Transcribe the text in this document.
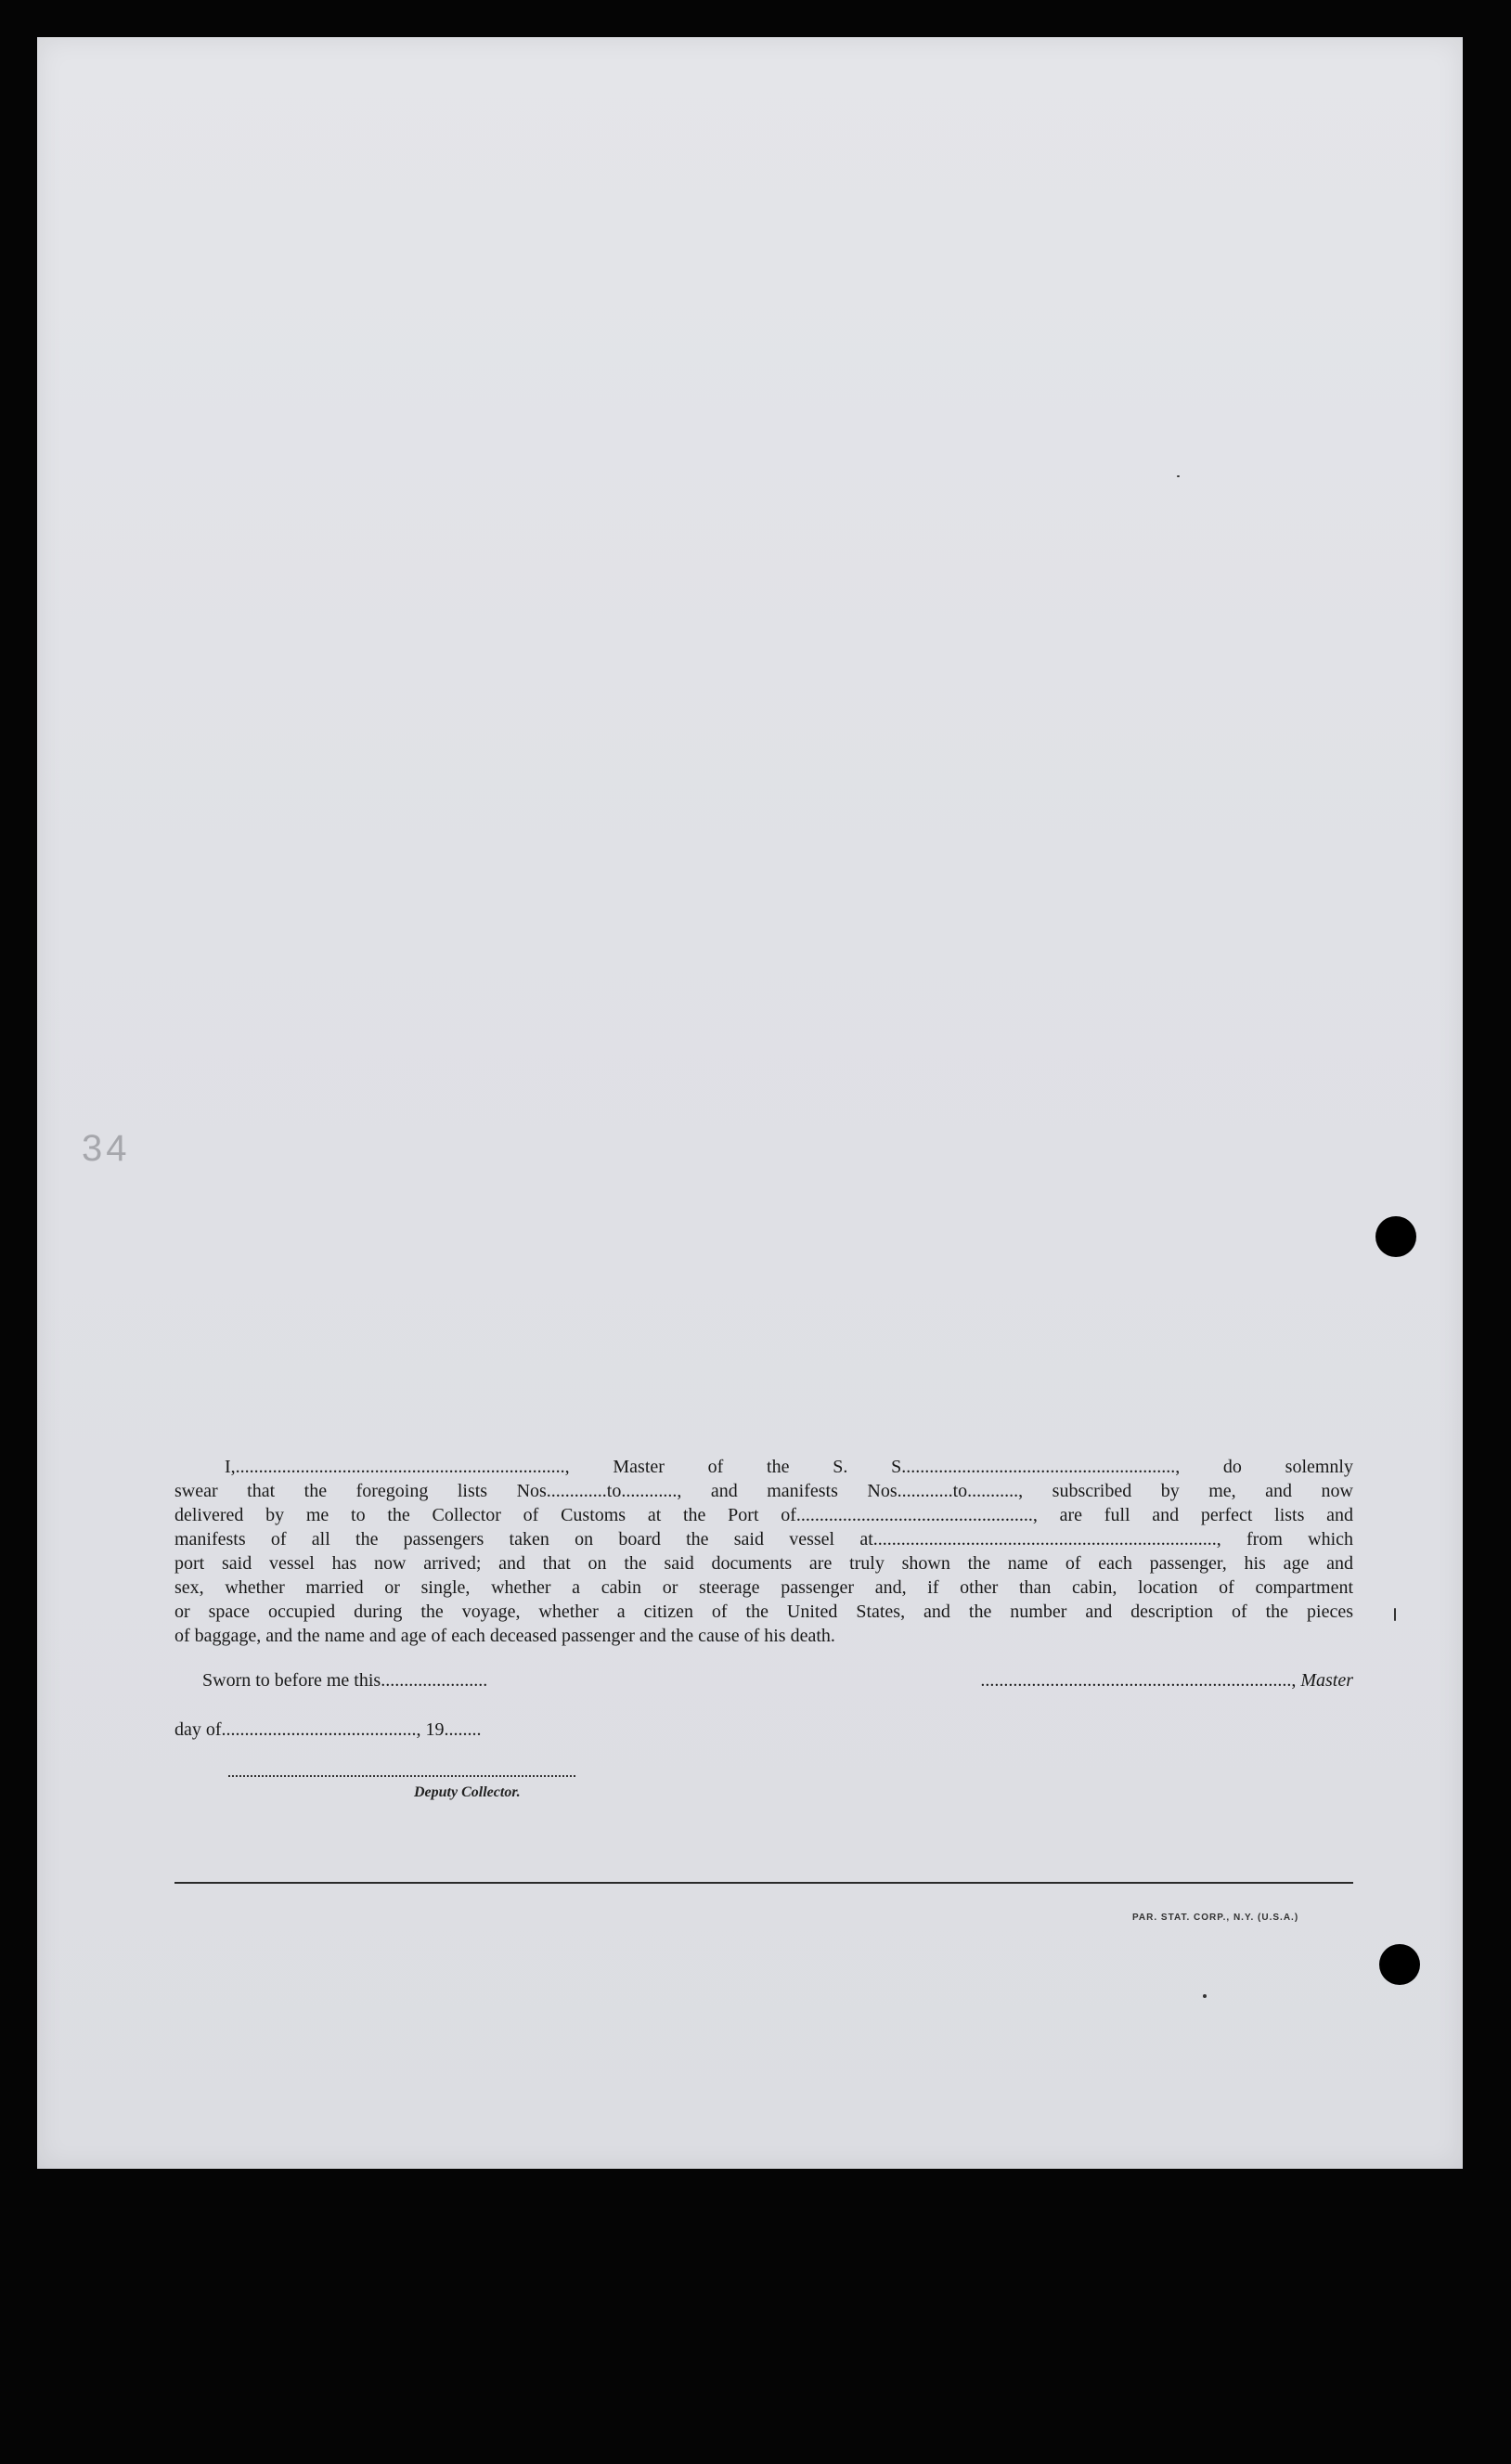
34
I,......................................................................., Master of the S. S..........................................................., do solemnly
swear that the foregoing lists Nos.............to............, and manifests Nos............to..........., subscribed by me, and now
delivered by me to the Collector of Customs at the Port of..................................................., are full and perfect lists and
manifests of all the passengers taken on board the said vessel at.........................................................................., from which
port said vessel has now arrived; and that on the said documents are truly shown the name of each passenger, his age and
sex, whether married or single, whether a cabin or steerage passenger and, if other than cabin, location of compartment
or space occupied during the voyage, whether a citizen of the United States, and the number and description of the pieces
of baggage, and the name and age of each deceased passenger and the cause of his death.
Sworn to before me this.......................	..................................................................., Master
day of.........................................., 19........
Deputy Collector.
PAR. STAT. CORP., N.Y. (U.S.A.)
